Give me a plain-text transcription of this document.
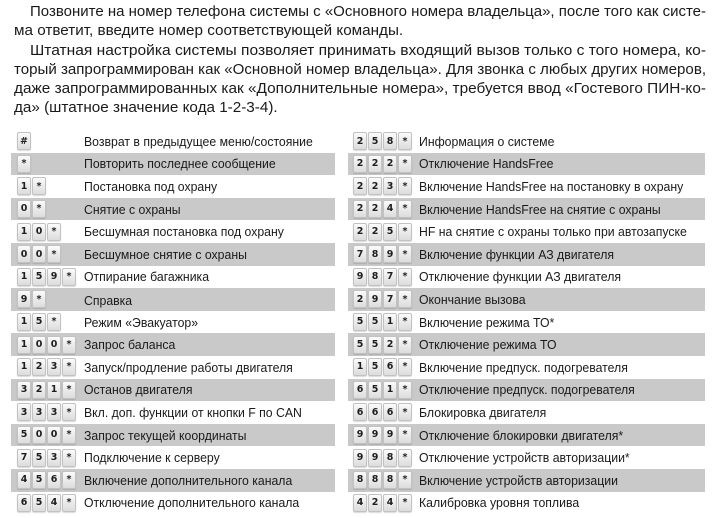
Позвоните на номер телефона системы с «Основного номера владельца», после того как систе-
ма ответит, введите номер соответствующей команды.
Штатная настройка системы позволяет принимать входящий вызов только с того номера, ко-
торый запрограммирован как «Основной номер владельца». Для звонка с любых других номеров,
даже запрограммированных как «Дополнительные номера», требуется ввод «Гостевого ПИН-ко-
да» (штатное значение кода 1-2-3-4).
#	Возврат в предыдущее меню/состояние
*	Повторить последнее сообщение
1 *	Постановка под охрану
0 *	Снятие с охраны
1 0 *	Бесшумная постановка под охрану
0 0 *	Бесшумное снятие с охраны
1 5 9 * Отпирание багажника
9 *	Справка
1 5 *	Режим «Эвакуатор»
1 0 0 * Запрос баланса
1 2 3 * Запуск/продление работы двигателя
3 2 1 * Останов двигателя
3 3 3 * Вкл. доп. функции от кнопки F по CAN
5 0 0 * Запрос текущей координаты
7 5 3 * Подключение к серверу
4 5 6 * Включение дополнительного канала
6 5 4 * Отключение дополнительного канала
2 5 8 * Информация о системе
2 2 2 * Отключение HandsFree
2 2 3 * Включение HandsFree на постановку в охрану
2 2 4 * Включение HandsFree на снятие с охраны
2 2 5 * HF на снятие с охраны только при автозапуске
7 8 9 * Включение функции АЗ двигателя
9 8 7 * Отключение функции АЗ двигателя
2 9 7 * Окончание вызова
5 5 1 * Включение режима ТО*
5 5 2 * Отключение режима ТО
1 5 6 * Включение предпуск. подогревателя
6 5 1 * Отключение предпуск. подогревателя
6 6 6 * Блокировка двигателя
9 9 9 * Отключение блокировки двигателя*
9 9 8 * Отключение устройств авторизации*
8 8 8 * Включение устройств авторизации
4 2 4 * Калибровка уровня топлива
